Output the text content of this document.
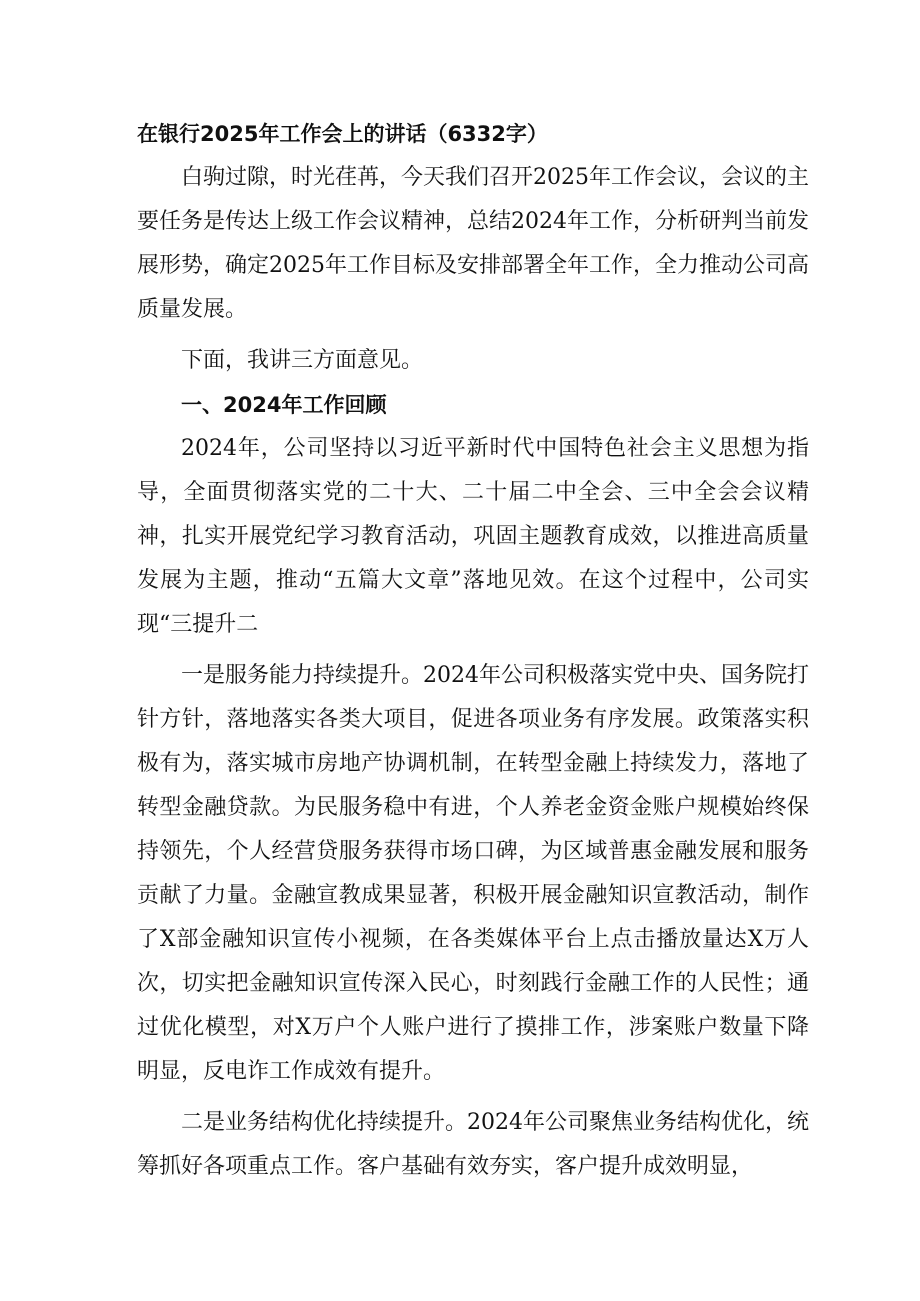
在银行2025年工作会上的讲话（6332字）

白驹过隙，时光荏苒，今天我们召开2025年工作会议，会议的主要任务是传达上级工作会议精神，总结2024年工作，分析研判当前发展形势，确定2025年工作目标及安排部署全年工作，全力推动公司高质量发展。

下面，我讲三方面意见。

一、2024年工作回顾

2024年，公司坚持以习近平新时代中国特色社会主义思想为指导，全面贯彻落实党的二十大、二十届二中全会、三中全会会议精神，扎实开展党纪学习教育活动，巩固主题教育成效，以推进高质量发展为主题，推动“五篇大文章”落地见效。在这个过程中，公司实现“三提升二

一是服务能力持续提升。2024年公司积极落实党中央、国务院打针方针，落地落实各类大项目，促进各项业务有序发展。政策落实积极有为，落实城市房地产协调机制，在转型金融上持续发力，落地了转型金融贷款。为民服务稳中有进，个人养老金资金账户规模始终保持领先，个人经营贷服务获得市场口碑，为区域普惠金融发展和服务贡献了力量。金融宣教成果显著，积极开展金融知识宣教活动，制作了X部金融知识宣传小视频，在各类媒体平台上点击播放量达X万人次，切实把金融知识宣传深入民心，时刻践行金融工作的人民性；通过优化模型，对X万户个人账户进行了摸排工作，涉案账户数量下降明显，反电诈工作成效有提升。

二是业务结构优化持续提升。2024年公司聚焦业务结构优化，统筹抓好各项重点工作。客户基础有效夯实，客户提升成效明显，
